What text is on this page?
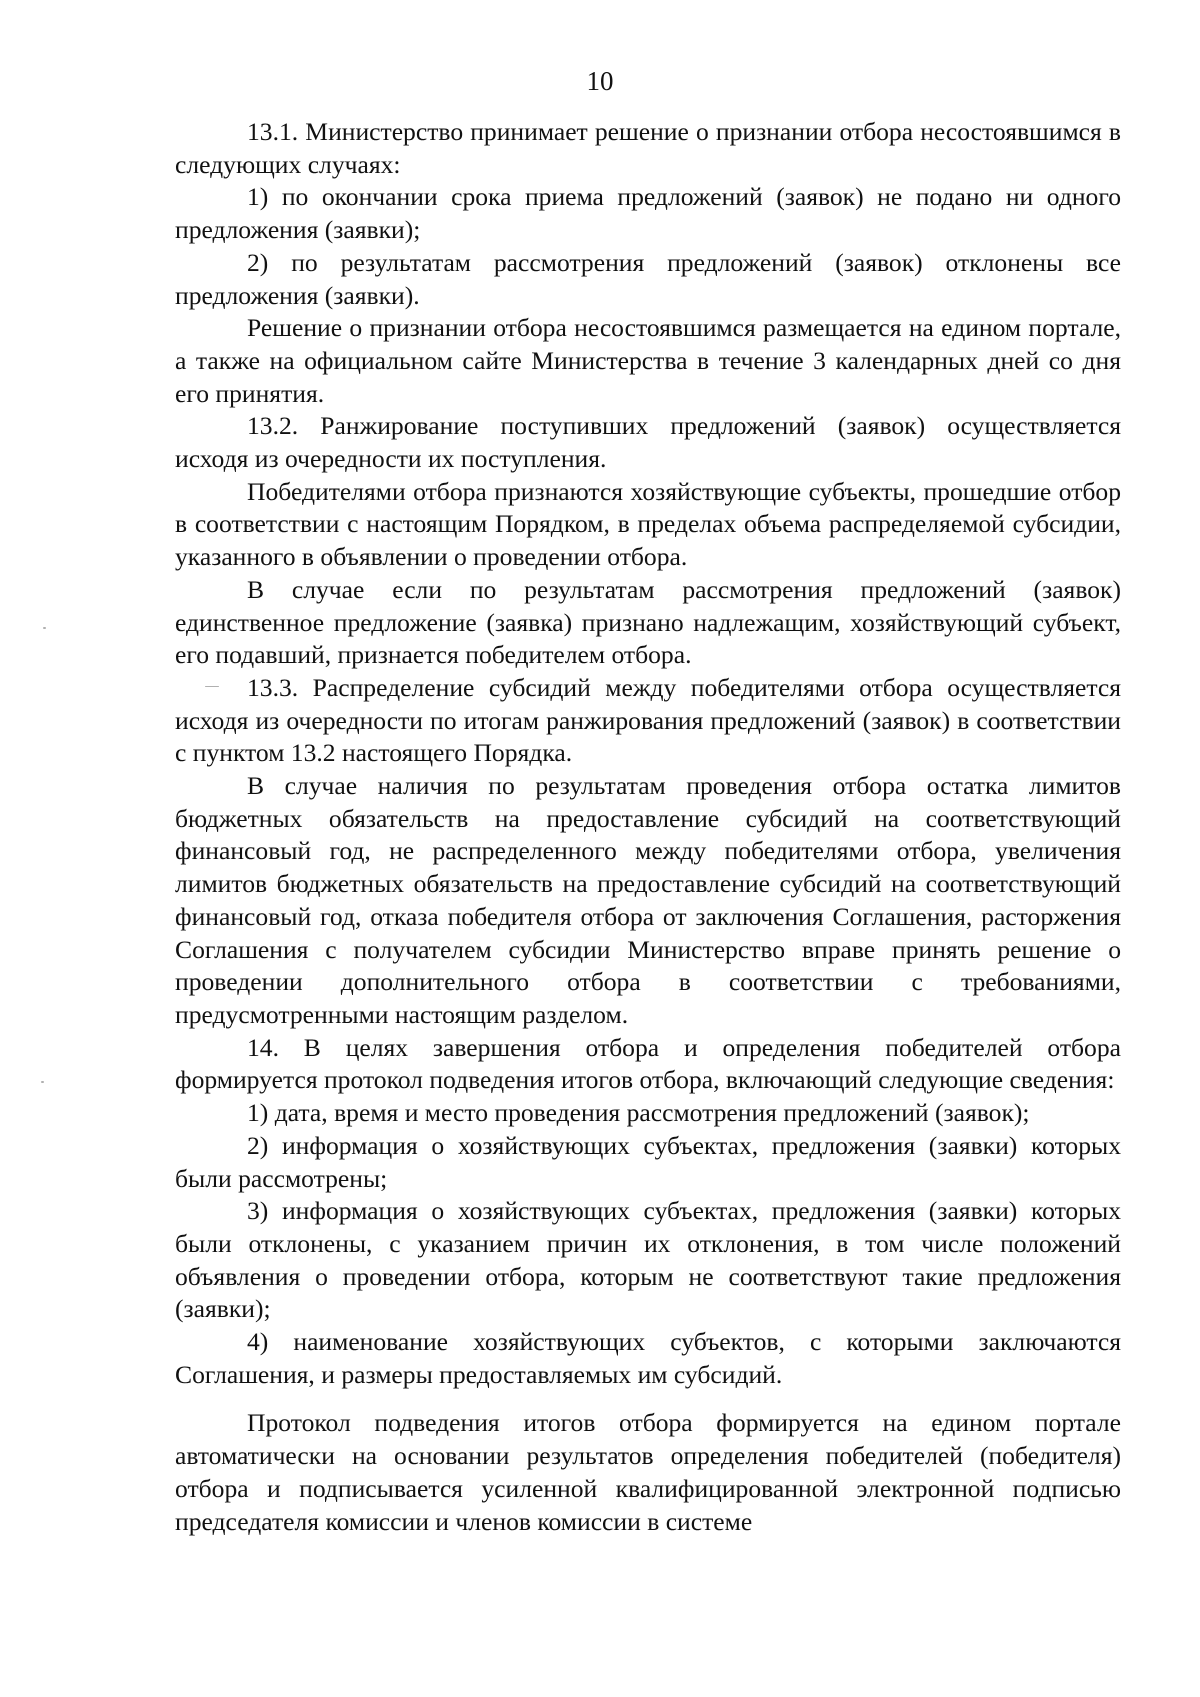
10

13.1. Министерство принимает решение о признании отбора несостоявшимся в следующих случаях:

1) по окончании срока приема предложений (заявок) не подано ни одного предложения (заявки);

2) по результатам рассмотрения предложений (заявок) отклонены все предложения (заявки).

Решение о признании отбора несостоявшимся размещается на едином портале, а также на официальном сайте Министерства в течение 3 календарных дней со дня его принятия.

13.2. Ранжирование поступивших предложений (заявок) осуществляется исходя из очередности их поступления.

Победителями отбора признаются хозяйствующие субъекты, прошедшие отбор в соответствии с настоящим Порядком, в пределах объема распределяемой субсидии, указанного в объявлении о проведении отбора.

В случае если по результатам рассмотрения предложений (заявок) единственное предложение (заявка) признано надлежащим, хозяйствующий субъект, его подавший, признается победителем отбора.

13.3. Распределение субсидий между победителями отбора осуществляется исходя из очередности по итогам ранжирования предложений (заявок) в соответствии с пунктом 13.2 настоящего Порядка.

В случае наличия по результатам проведения отбора остатка лимитов бюджетных обязательств на предоставление субсидий на соответствующий финансовый год, не распределенного между победителями отбора, увеличения лимитов бюджетных обязательств на предоставление субсидий на соответствующий финансовый год, отказа победителя отбора от заключения Соглашения, расторжения Соглашения с получателем субсидии Министерство вправе принять решение о проведении дополнительного отбора в соответствии с требованиями, предусмотренными настоящим разделом.

14. В целях завершения отбора и определения победителей отбора формируется протокол подведения итогов отбора, включающий следующие сведения:

1) дата, время и место проведения рассмотрения предложений (заявок);

2) информация о хозяйствующих субъектах, предложения (заявки) которых были рассмотрены;

3) информация о хозяйствующих субъектах, предложения (заявки) которых были отклонены, с указанием причин их отклонения, в том числе положений объявления о проведении отбора, которым не соответствуют такие предложения (заявки);

4) наименование хозяйствующих субъектов, с которыми заключаются Соглашения, и размеры предоставляемых им субсидий.

Протокол подведения итогов отбора формируется на едином портале автоматически на основании результатов определения победителей (победителя) отбора и подписывается усиленной квалифицированной электронной подписью председателя комиссии и членов комиссии в системе
